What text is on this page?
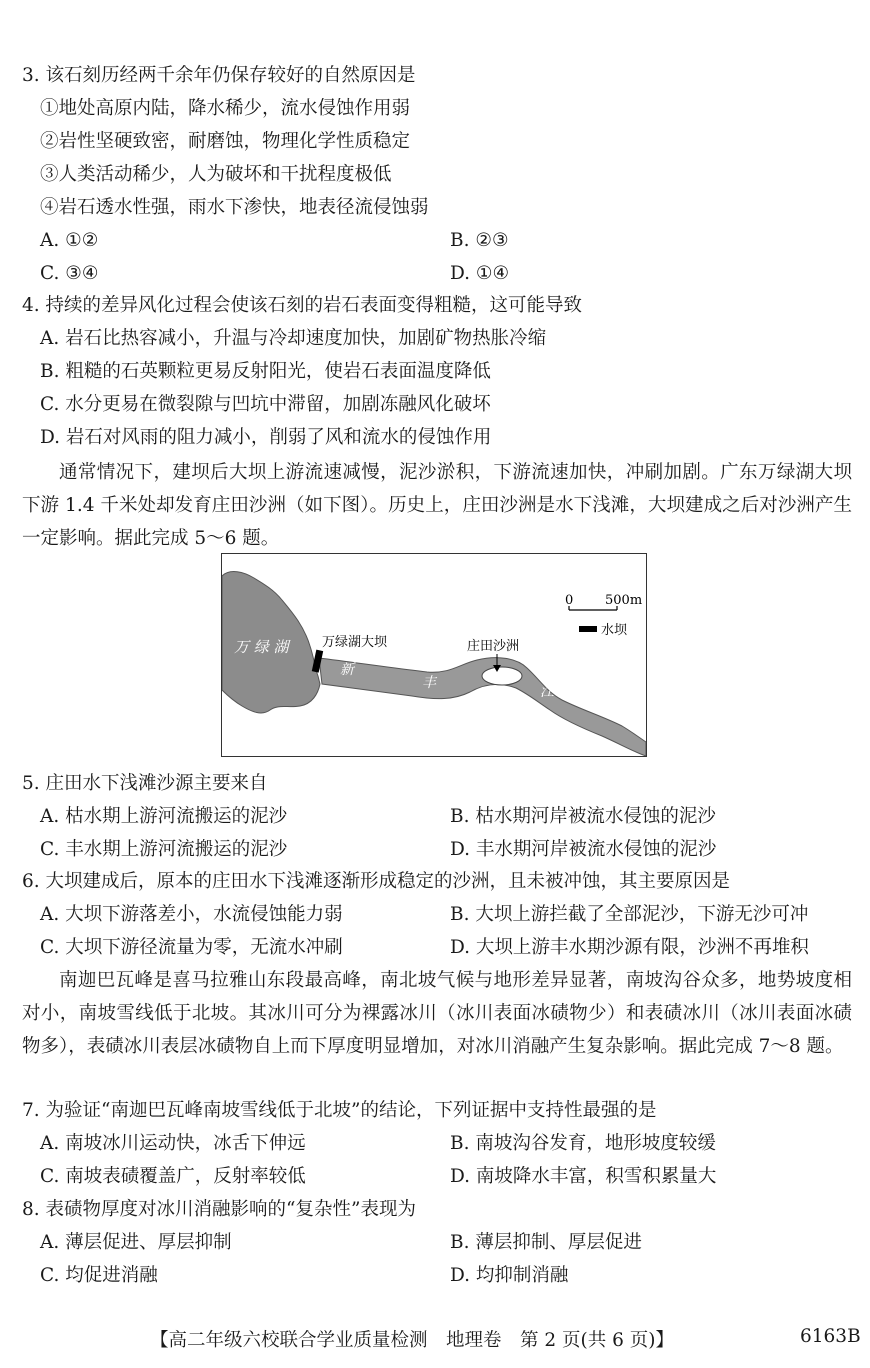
3. 该石刻历经两千余年仍保存较好的自然原因是
①地处高原内陆，降水稀少，流水侵蚀作用弱
②岩性坚硬致密，耐磨蚀，物理化学性质稳定
③人类活动稀少，人为破坏和干扰程度极低
④岩石透水性强，雨水下渗快，地表径流侵蚀弱
A. ①②	B. ②③
C. ③④	D. ①④
4. 持续的差异风化过程会使该石刻的岩石表面变得粗糙，这可能导致
A. 岩石比热容减小，升温与冷却速度加快，加剧矿物热胀冷缩
B. 粗糙的石英颗粒更易反射阳光，使岩石表面温度降低
C. 水分更易在微裂隙与凹坑中滞留，加剧冻融风化破坏
D. 岩石对风雨的阻力减小，削弱了风和流水的侵蚀作用
通常情况下，建坝后大坝上游流速减慢，泥沙淤积，下游流速加快，冲刷加剧。广东万绿湖大坝下游 1.4 千米处却发育庄田沙洲（如下图）。历史上，庄田沙洲是水下浅滩，大坝建成之后对沙洲产生一定影响。据此完成 5～6 题。
0 500m
水坝
万 绿 湖	万绿湖大坝	庄田沙洲
新
丰
江
5. 庄田水下浅滩沙源主要来自
A. 枯水期上游河流搬运的泥沙	B. 枯水期河岸被流水侵蚀的泥沙
C. 丰水期上游河流搬运的泥沙	D. 丰水期河岸被流水侵蚀的泥沙
6. 大坝建成后，原本的庄田水下浅滩逐渐形成稳定的沙洲，且未被冲蚀，其主要原因是
A. 大坝下游落差小，水流侵蚀能力弱	B. 大坝上游拦截了全部泥沙，下游无沙可冲
C. 大坝下游径流量为零，无流水冲刷	D. 大坝上游丰水期沙源有限，沙洲不再堆积
南迦巴瓦峰是喜马拉雅山东段最高峰，南北坡气候与地形差异显著，南坡沟谷众多，地势坡度相对小，南坡雪线低于北坡。其冰川可分为裸露冰川（冰川表面冰碛物少）和表碛冰川（冰川表面冰碛物多），表碛冰川表层冰碛物自上而下厚度明显增加，对冰川消融产生复杂影响。据此完成 7～8 题。
7. 为验证“南迦巴瓦峰南坡雪线低于北坡”的结论，下列证据中支持性最强的是
A. 南坡冰川运动快，冰舌下伸远	B. 南坡沟谷发育，地形坡度较缓
C. 南坡表碛覆盖广，反射率较低	D. 南坡降水丰富，积雪积累量大
8. 表碛物厚度对冰川消融影响的“复杂性”表现为
A. 薄层促进、厚层抑制	B. 薄层抑制、厚层促进
C. 均促进消融	D. 均抑制消融
【高二年级六校联合学业质量检测　地理卷　第 2 页(共 6 页)】	6163B
